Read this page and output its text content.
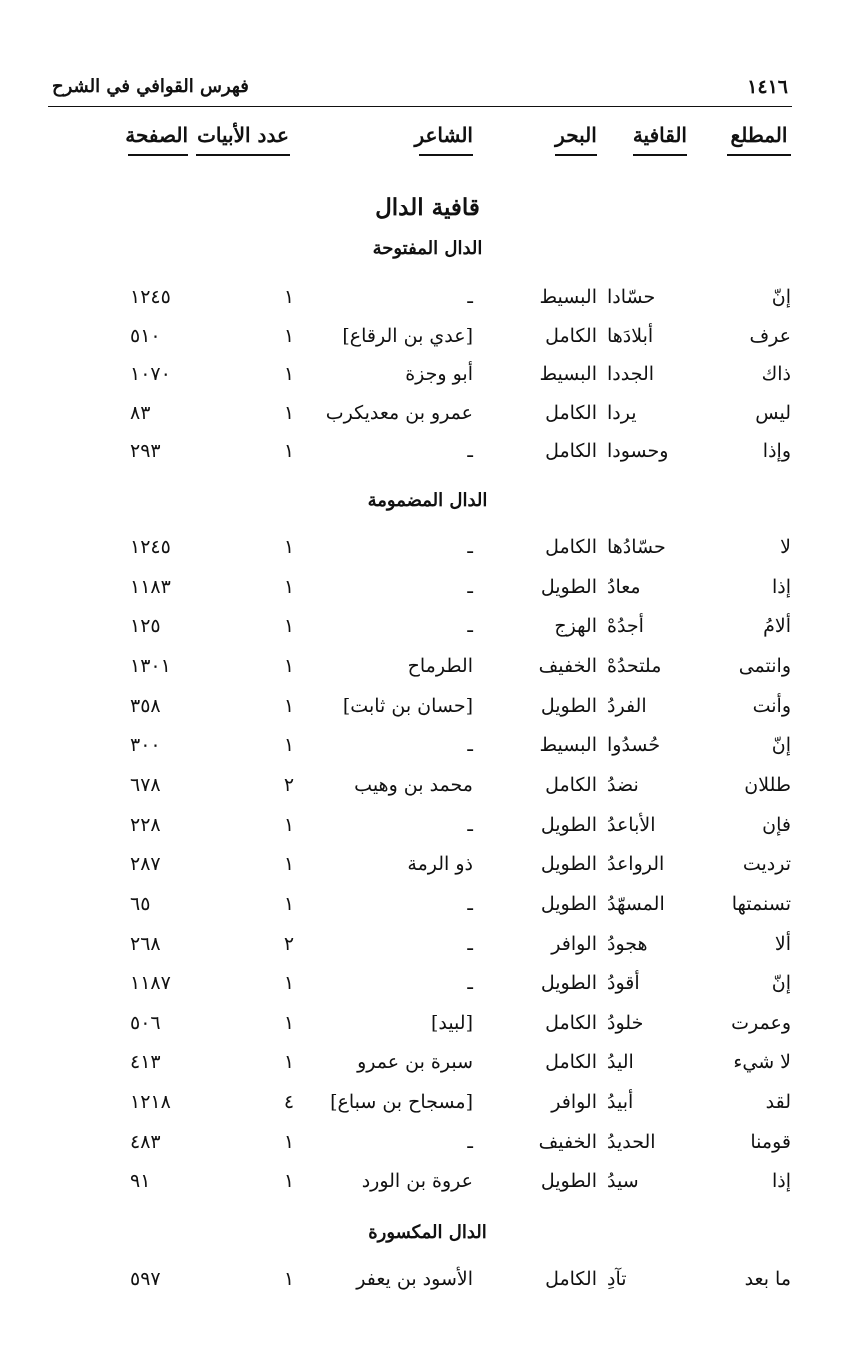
١٤١٦
فهرس القوافي في الشرح
المطلع
القافية
البحر
الشاعر
عدد الأبيات
الصفحة
قافية الدال
الدال المفتوحة
إنّ
حسّادا
البسيط
ـ
١
١٢٤٥
عرف
أبلادَها
الكامل
[عدي بن الرقاع]
١
٥١٠
ذاك
الجددا
البسيط
أبو وجزة
١
١٠٧٠
ليس
يردا
الكامل
عمرو بن معديكرب
١
٨٣
وإذا
وحسودا
الكامل
ـ
١
٢٩٣
الدال المضمومة
لا
حسّادُها
الكامل
ـ
١
١٢٤٥
إذا
معادُ
الطويل
ـ
١
١١٨٣
ألامُ
أجدُهْ
الهزج
ـ
١
١٢٥
وانتمى
ملتحدُهْ
الخفيف
الطرماح
١
١٣٠١
وأنت
الفردُ
الطويل
[حسان بن ثابت]
١
٣٥٨
إنّ
حُسدُوا
البسيط
ـ
١
٣٠٠
طللان
نضدُ
الكامل
محمد بن وهيب
٢
٦٧٨
فإن
الأباعدُ
الطويل
ـ
١
٢٢٨
ترديت
الرواعدُ
الطويل
ذو الرمة
١
٢٨٧
تسنمتها
المسهّدُ
الطويل
ـ
١
٦٥
ألا
هجودُ
الوافر
ـ
٢
٢٦٨
إنّ
أقودُ
الطويل
ـ
١
١١٨٧
وعمرت
خلودُ
الكامل
[لبيد]
١
٥٠٦
لا شيء
اليدُ
الكامل
سبرة بن عمرو
١
٤١٣
لقد
أبيدُ
الوافر
[مسجاح بن سباع]
٤
١٢١٨
قومنا
الحديدُ
الخفيف
ـ
١
٤٨٣
إذا
سيدُ
الطويل
عروة بن الورد
١
٩١
الدال المكسورة
ما بعد
تآدِ
الكامل
الأسود بن يعفر
١
٥٩٧
